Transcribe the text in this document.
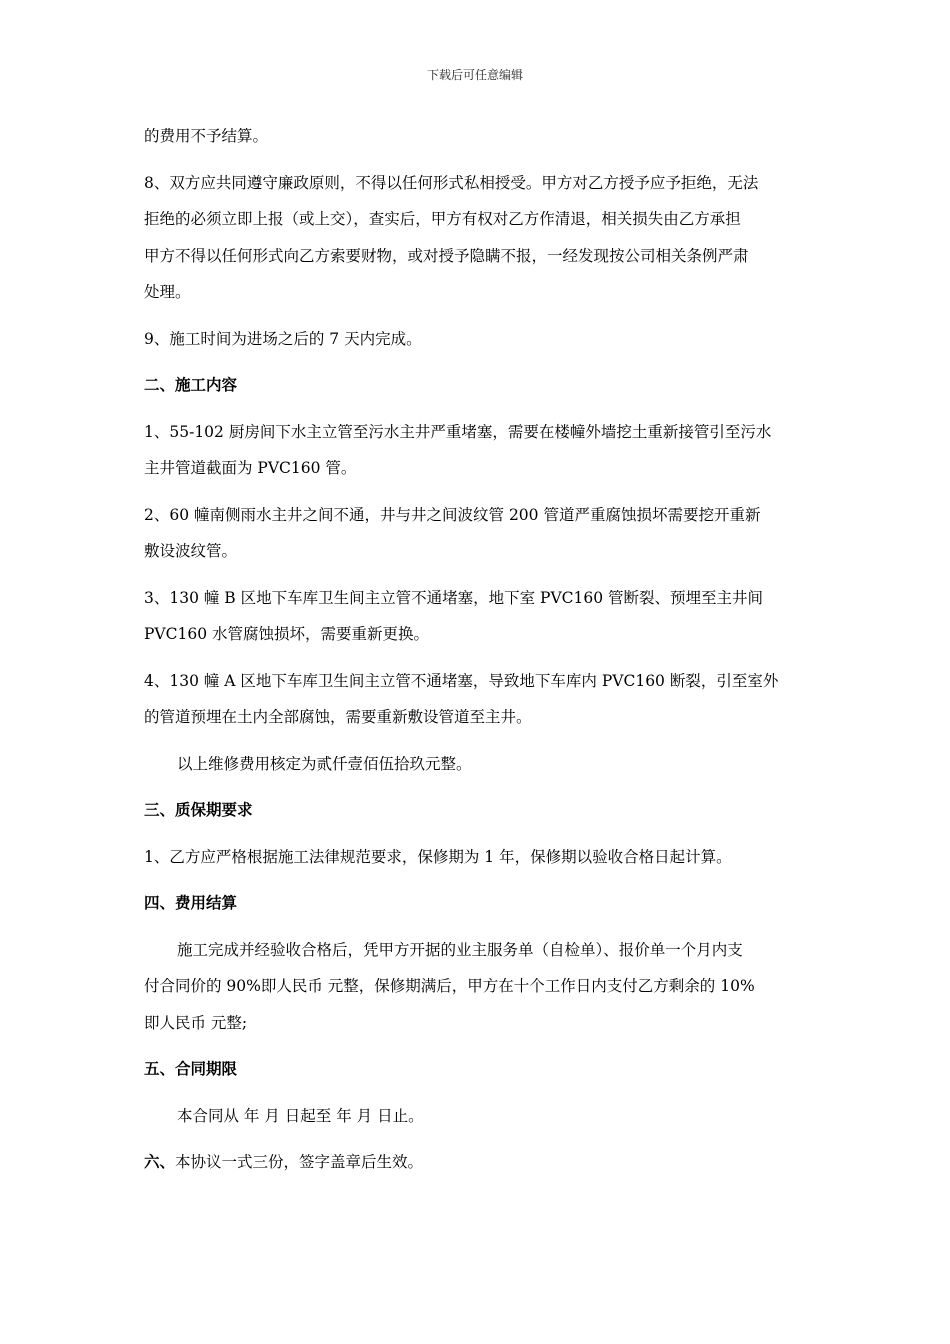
下载后可任意编辑

的费用不予结算。

8、双方应共同遵守廉政原则，不得以任何形式私相授受。甲方对乙方授予应予拒绝，无法

拒绝的必须立即上报（或上交），查实后，甲方有权对乙方作清退，相关损失由乙方承担

甲方不得以任何形式向乙方索要财物，或对授予隐瞒不报，一经发现按公司相关条例严肃

处理。

9、施工时间为进场之后的 7 天内完成。

二、施工内容

1、55-102 厨房间下水主立管至污水主井严重堵塞，需要在楼幢外墙挖土重新接管引至污水

主井管道截面为 PVC160 管。

2、60 幢南侧雨水主井之间不通，井与井之间波纹管 200 管道严重腐蚀损坏需要挖开重新

敷设波纹管。

3、130 幢 B 区地下车库卫生间主立管不通堵塞，地下室 PVC160 管断裂、预埋至主井间

PVC160 水管腐蚀损坏，需要重新更换。

4、130 幢 A 区地下车库卫生间主立管不通堵塞，导致地下车库内 PVC160 断裂，引至室外

的管道预埋在土内全部腐蚀，需要重新敷设管道至主井。

以上维修费用核定为贰仟壹佰伍拾玖元整。

三、质保期要求

1、乙方应严格根据施工法律规范要求，保修期为 1 年，保修期以验收合格日起计算。

四、费用结算

施工完成并经验收合格后，凭甲方开据的业主服务单（自检单）、报价单一个月内支

付合同价的 90%即人民币 元整，保修期满后，甲方在十个工作日内支付乙方剩余的 10%

即人民币 元整;

五、合同期限

本合同从 年 月 日起至 年 月 日止。

六、本协议一式三份，签字盖章后生效。
